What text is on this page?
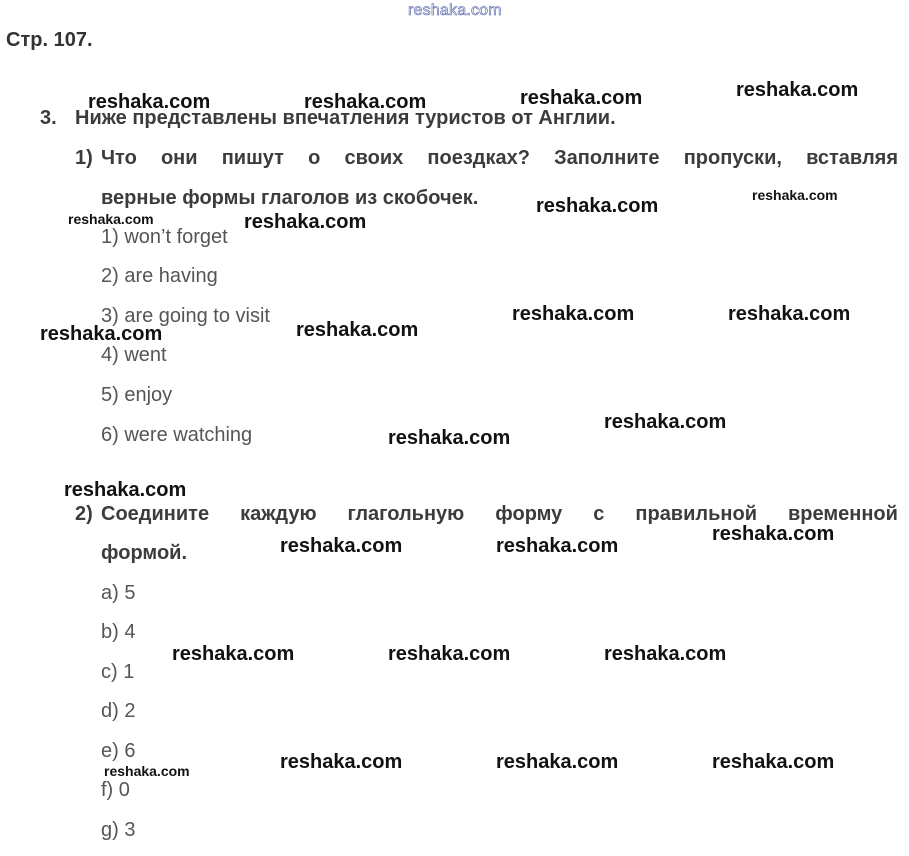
reshaka.com
Стр. 107.
3. Ниже представлены впечатления туристов от Англии.
1) Что они пишут о своих поездках? Заполните пропуски, вставляя
верные формы глаголов из скобочек.
1) won’t forget
2) are having
3) are going to visit
4) went
5) enjoy
6) were watching
2) Соедините каждую глагольную форму с правильной временной
формой.
a) 5
b) 4
c) 1
d) 2
e) 6
f) 0
g) 3
reshaka.com	reshaka.com	reshaka.com	reshaka.com
reshaka.com
reshaka.com
reshaka.com	reshaka.com
reshaka.com	reshaka.com
reshaka.com
reshaka.com
reshaka.com
reshaka.com
reshaka.com
reshaka.com
reshaka.com	reshaka.com
reshaka.com	reshaka.com	reshaka.com
reshaka.com	reshaka.com	reshaka.com
reshaka.com
